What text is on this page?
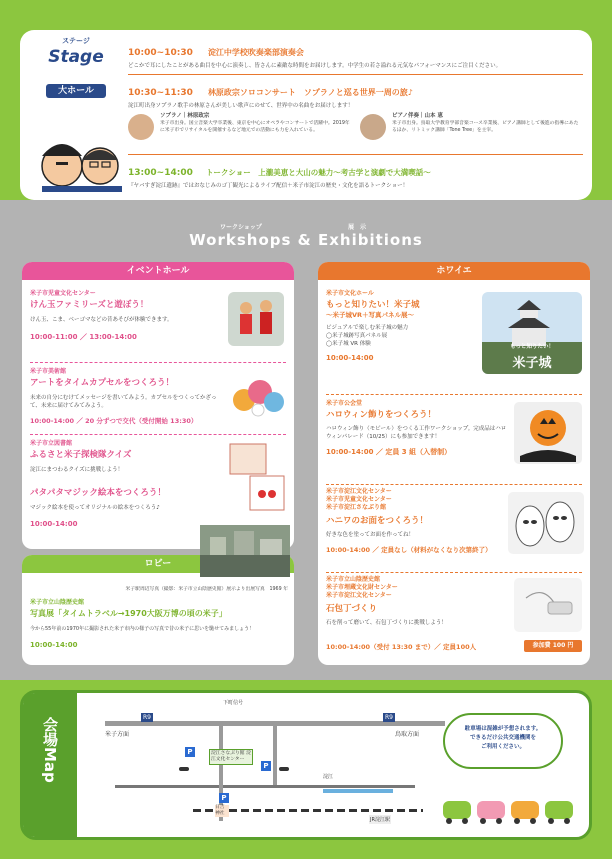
ステージ
Stage
大ホール
10:00~10:30 淀江中学校吹奏楽部演奏会
どこかで耳にしたことがある曲目を中心に演奏し、皆さんに素敵な時間をお届けします。中学生の若さ溢れる元気なパフォーマンスにご注目ください。
10:30~11:30 林原政宗ソロコンサート　ソプラノと巡る世界一周の旅♪
淀江町出身ソプラノ歌手の林原さんが美しい歌声にのせて、世界中の名曲をお届けします！
ソプラノ｜林原政宗
米子市出身。国立音楽大学卒業後、東京を中心にオペラやコンサートで活躍中。2019年に米子市でリサイタルを開催するなど地元での活動にも力を入れている。
ピアノ伴奏｜山本 恵
米子市出身。鳥取大学教育学部音楽コース卒業後、ピアノ講師として後進の指導にあたるほか、リトミック講師「Tone Tree」を主宰。
13:00~14:00 トークショー　上瀧美恵と大山の魅力～考古学と演劇で大満喫話～
『ヤバすぎ淀江遺跡』ではおなじみのゴ丁観光によるライブ配信＋米子市淀江の歴史・文化を語るトークショー！
ワークショップ	展　示
Workshops & Exhibitions
イベントホール
米子市児童文化センター
けん玉ファミリーズと遊ぼう！
けん玉、こま、ベーゴマなどの昔あそびが体験できます。
10:00-11:00 ／ 13:00-14:00
米子市美術館
アートをタイムカプセルをつくろう！
未来の自分にむけてメッセージを書いてみよう。カプセルをつくってかざって、未来に届けてみてみよう。
10:00-14:00 ／ 20 分ずつで交代（受付開始 13:30）
米子市立図書館
ふるさと米子探検隊クイズ
淀江にまつわるクイズに挑戦しよう！
パタパタマジック絵本をつくろう！
マジック絵本を使ってオリジナルの絵本をつくろう♪
10:00-14:00
ロビー
米子駅周辺写真（撮影：米子市立山陰歴史館）展示より出展写真　1969 年
米子市立山陰歴史館
写真展「タイムトラベル→1970大阪万博の頃の米子」
今から55年前の1970年に撮影された米子市内の様子の写真で昔の米子に思いを馳せてみましょう！
10:00-14:00
ホワイエ
米子市文化ホール
もっと知りたい！米子城
～米子城VR＋写真パネル展～
ビジュアルで楽しむ米子城の魅力
◯米子城跡写真パネル展
◯米子城 VR 体験
10:00-14:00
もっと知りたい！
米子城
米子市公会堂
ハロウィン飾りをつくろう！
ハロウィン飾り（モビール）をつくる工作ワークショップ。完成品はハロウィンパレード（10/25）にも参加できます！
10:00-14:00 ／ 定員 3 組（入替制）
米子市淀江文化センター
米子市児童文化センター
米子市淀江さなぶり館
ハニワのお面をつくろう！
好きな色を塗ってお面を作ってね！
10:00-14:00 ／ 定員なし（材料がなくなり次第終了）
米子市立山陰歴史館
米子市埋蔵文化財センター
米子市淀江文化センター
石包丁づくり
石を削って磨いて、石包丁づくりに挑戦しよう！
10:00-14:00（受付 13:30 まで）／ 定員100人	参加費 100 円
会場Map	R9	R9
米子方面	鳥取方面
下町信号
淀江さなぶり館 淀江文化センター
P
P
P
日吉神社
淀江
JR淀江駅
駐車場は混雑が予想されます。
できるだけ公共交通機関を
ご利用ください。
